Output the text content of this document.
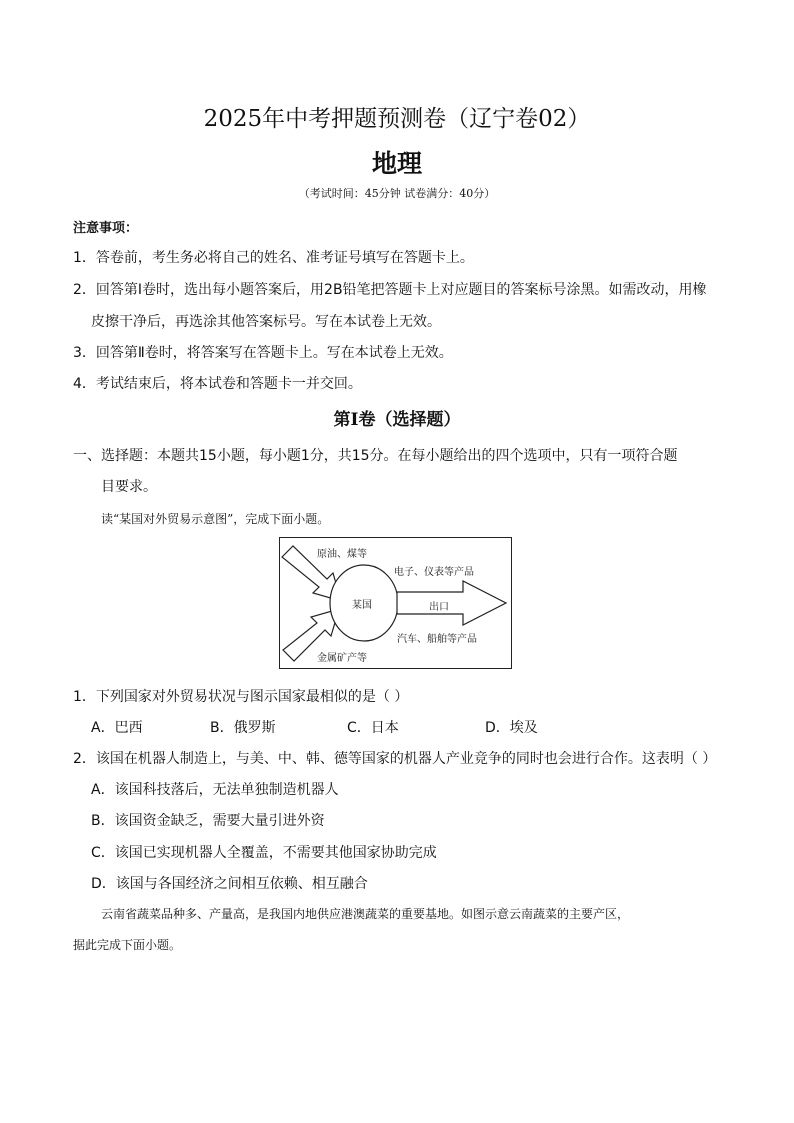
2025年中考押题预测卷（辽宁卷02）
地理
（考试时间：45分钟 试卷满分：40分）
注意事项：
1．答卷前，考生务必将自己的姓名、准考证号填写在答题卡上。
2．回答第Ⅰ卷时，选出每小题答案后，用2B铅笔把答题卡上对应题目的答案标号涂黑。如需改动，用橡
皮擦干净后，再选涂其他答案标号。写在本试卷上无效。
3．回答第Ⅱ卷时，将答案写在答题卡上。写在本试卷上无效。
4．考试结束后，将本试卷和答题卡一并交回。
第Ⅰ卷（选择题）
一、选择题：本题共15小题，每小题1分，共15分。在每小题给出的四个选项中，只有一项符合题
目要求。
读“某国对外贸易示意图”，完成下面小题。
原油、煤等
金属矿产等
某国	出口
电子、仪表等产品
汽车、船舶等产品
1．下列国家对外贸易状况与图示国家最相似的是（ ）
A．巴西	B．俄罗斯	C．日本	D．埃及
2．该国在机器人制造上，与美、中、韩、德等国家的机器人产业竞争的同时也会进行合作。这表明（ ）
A．该国科技落后，无法单独制造机器人
B．该国资金缺乏，需要大量引进外资
C．该国已实现机器人全覆盖，不需要其他国家协助完成
D．该国与各国经济之间相互依赖、相互融合
云南省蔬菜品种多、产量高，是我国内地供应港澳蔬菜的重要基地。如图示意云南蔬菜的主要产区，
据此完成下面小题。
